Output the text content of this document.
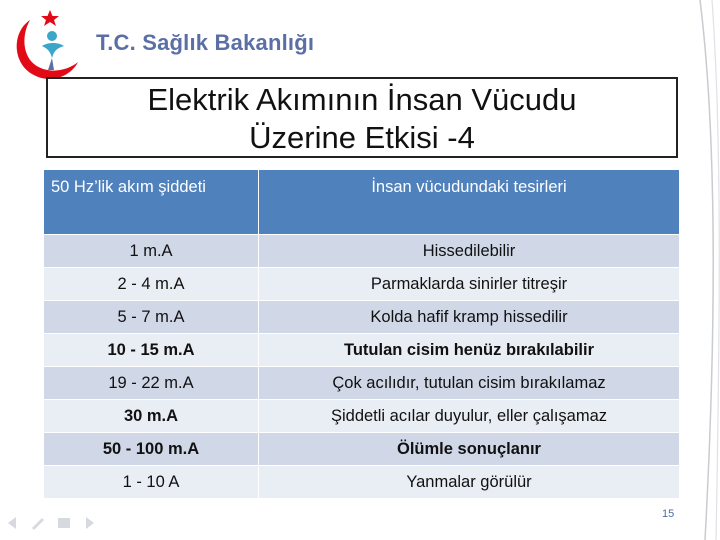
T.C. Sağlık Bakanlığı
Elektrik Akımının İnsan Vücudu
Üzerine Etkisi -4
50 Hz’lik akım şiddeti	İnsan vücudundaki tesirleri
1 m.A	Hissedilebilir
2 - 4 m.A	Parmaklarda sinirler titreşir
5 - 7 m.A	Kolda hafif kramp hissedilir
10 - 15 m.A	Tutulan cisim henüz bırakılabilir
19 - 22 m.A	Çok acılıdır, tutulan cisim bırakılamaz
30 m.A	Şiddetli acılar duyulur, eller çalışamaz
50 - 100 m.A	Ölümle sonuçlanır
1 - 10 A	Yanmalar görülür
15
